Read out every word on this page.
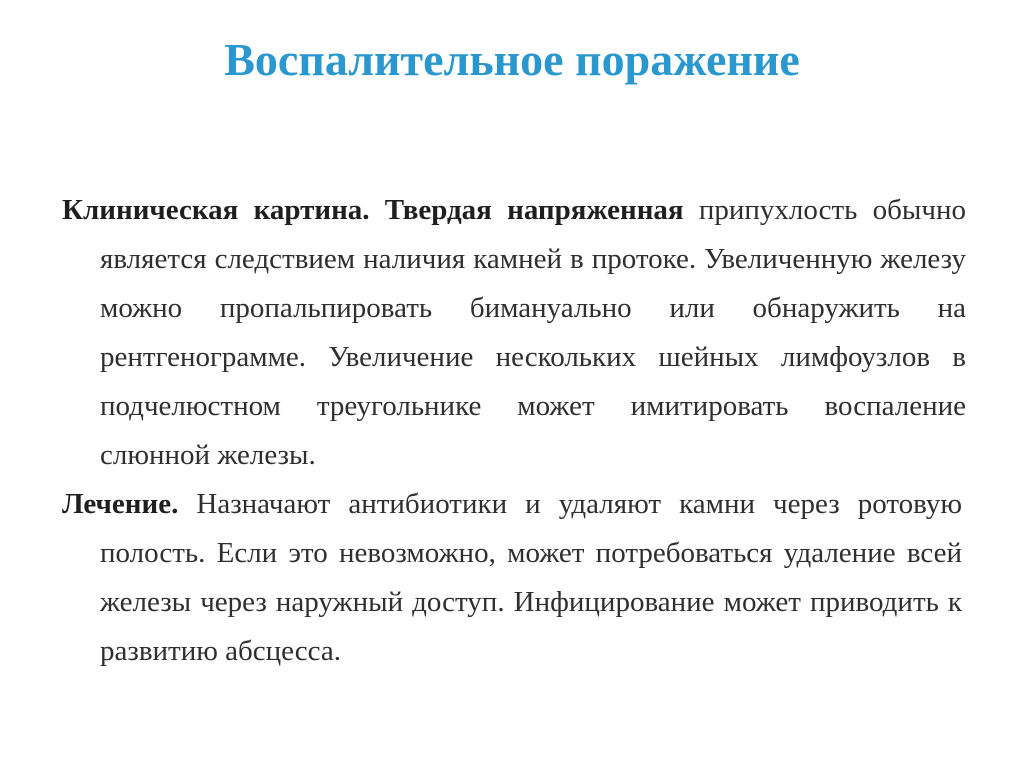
Воспалительное поражение

Клиническая картина. Твердая напряженная припухлость обычно является следствием наличия камней в протоке. Увеличенную железу можно пропальпировать бимануально или обнаружить на рентгенограмме. Увеличение нескольких шейных лимфоузлов в подчелюстном треугольнике может имитировать воспаление слюнной железы.

Лечение. Назначают антибиотики и удаляют камни через ротовую полость. Если это невозможно, может потребоваться удаление всей железы через наружный доступ. Инфицирование может приводить к развитию абсцесса.
